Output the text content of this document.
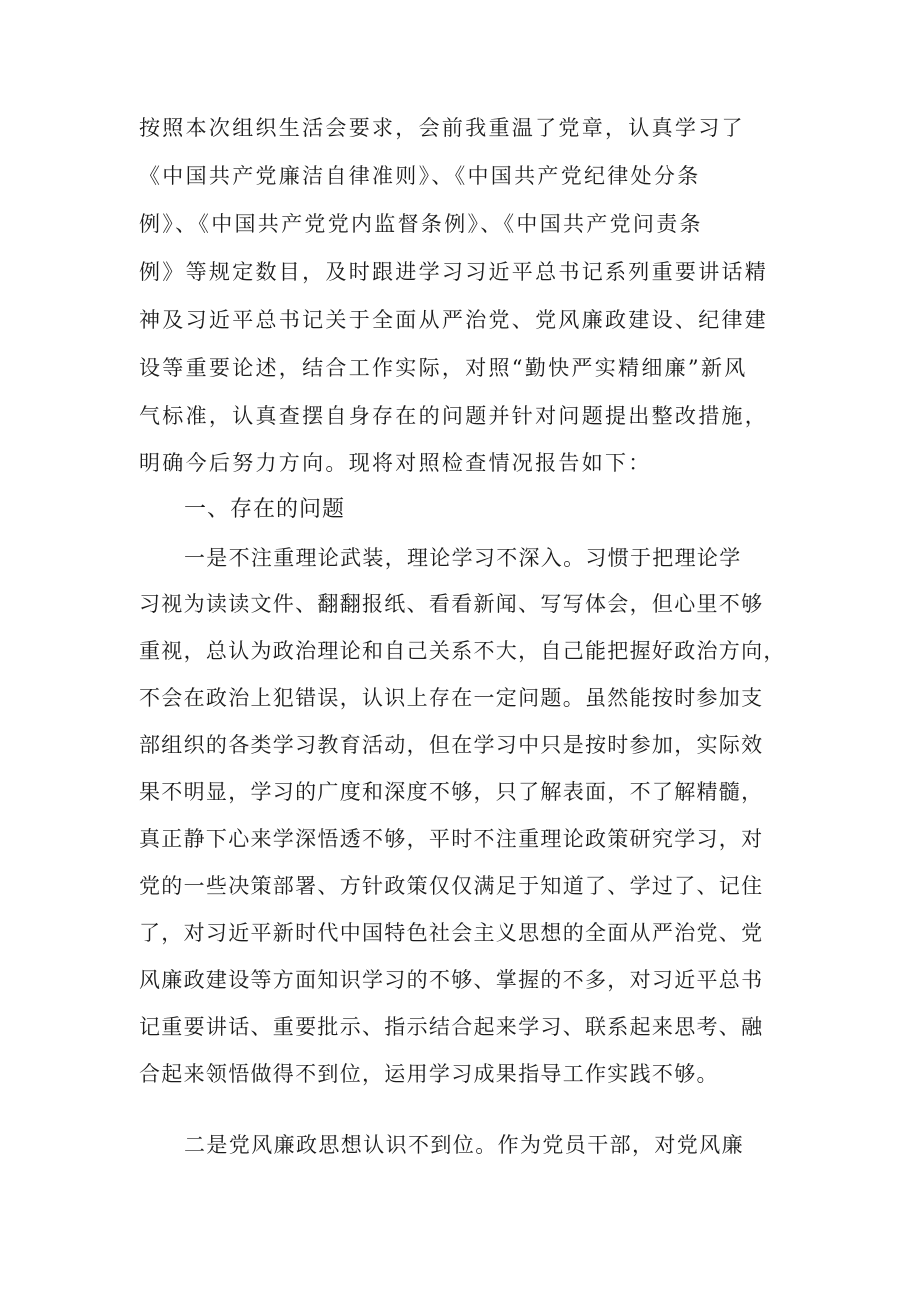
按照本次组织生活会要求，会前我重温了党章，认真学习了

《中国共产党廉洁自律准则》、《中国共产党纪律处分条

例》、《中国共产党党内监督条例》、《中国共产党问责条

例》等规定数目，及时跟进学习习近平总书记系列重要讲话精

神及习近平总书记关于全面从严治党、党风廉政建设、纪律建

设等重要论述，结合工作实际，对照“勤快严实精细廉”新风

气标准，认真查摆自身存在的问题并针对问题提出整改措施，

明确今后努力方向。现将对照检查情况报告如下：

一、存在的问题

一是不注重理论武装，理论学习不深入。习惯于把理论学

习视为读读文件、翻翻报纸、看看新闻、写写体会，但心里不够

重视，总认为政治理论和自己关系不大，自己能把握好政治方向，

不会在政治上犯错误，认识上存在一定问题。虽然能按时参加支

部组织的各类学习教育活动，但在学习中只是按时参加，实际效

果不明显，学习的广度和深度不够，只了解表面，不了解精髓，

真正静下心来学深悟透不够，平时不注重理论政策研究学习，对

党的一些决策部署、方针政策仅仅满足于知道了、学过了、记住

了，对习近平新时代中国特色社会主义思想的全面从严治党、党

风廉政建设等方面知识学习的不够、掌握的不多，对习近平总书

记重要讲话、重要批示、指示结合起来学习、联系起来思考、融

合起来领悟做得不到位，运用学习成果指导工作实践不够。

二是党风廉政思想认识不到位。作为党员干部，对党风廉
